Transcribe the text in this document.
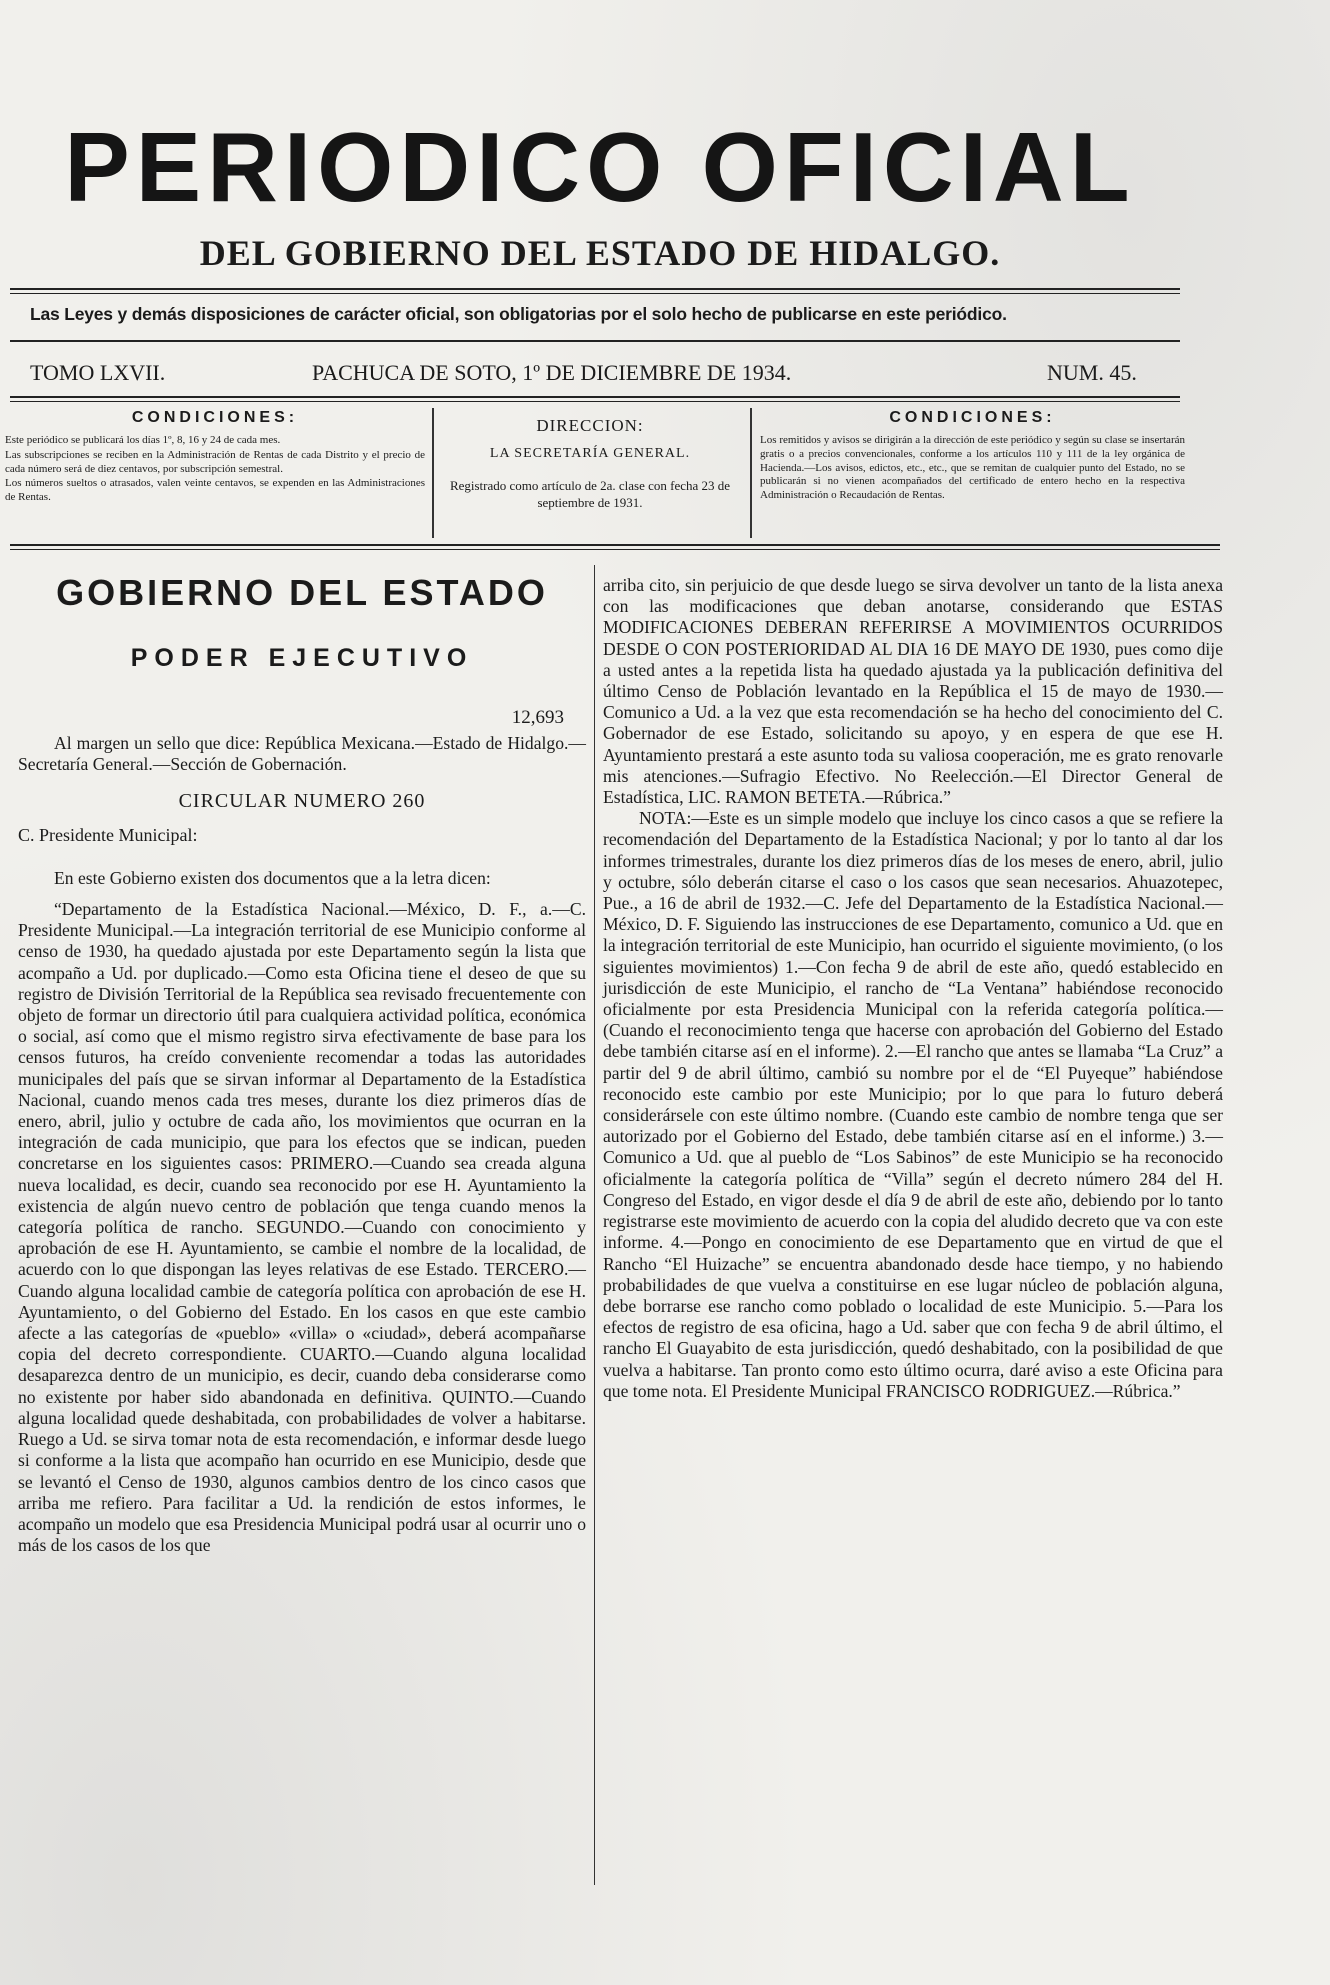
PERIODICO OFICIAL
DEL GOBIERNO DEL ESTADO DE HIDALGO.
Las Leyes y demás disposiciones de carácter oficial, son obligatorias por el solo hecho de publicarse en este periódico.
TOMO LXVII.	PACHUCA DE SOTO, 1º DE DICIEMBRE DE 1934.	NUM. 45.
CONDICIONES:

Este periódico se publicará los días 1º, 8, 16 y 24 de cada mes.

Las subscripciones se reciben en la Administración de Rentas de cada Distrito y el precio de cada número será de diez centavos, por subscripción semestral.

Los números sueltos o atrasados, valen veinte centavos, se expenden en las Administraciones de Rentas.

DIRECCION:
LA SECRETARÍA GENERAL.
Registrado como artículo de 2a. clase con fecha 23 de septiembre de 1931.
CONDICIONES:

Los remitidos y avisos se dirigirán a la dirección de este periódico y según su clase se insertarán gratis o a precios convencionales, conforme a los artículos 110 y 111 de la ley orgánica de Hacienda.—Los avisos, edictos, etc., etc., que se remitan de cualquier punto del Estado, no se publicarán si no vienen acompañados del certificado de entero hecho en la respectiva Administración o Recaudación de Rentas.

GOBIERNO DEL ESTADO
PODER EJECUTIVO
12,693

Al margen un sello que dice: República Mexicana.—Estado de Hidalgo.—Secretaría General.—Sección de Gobernación.

CIRCULAR NUMERO 260
C. Presidente Municipal:

En este Gobierno existen dos documentos que a la letra dicen:

“Departamento de la Estadística Nacional.—México, D. F., a.—C. Presidente Municipal.—La integración territorial de ese Municipio conforme al censo de 1930, ha quedado ajustada por este Departamento según la lista que acompaño a Ud. por duplicado.—Como esta Oficina tiene el deseo de que su registro de División Territorial de la República sea revisado frecuentemente con objeto de formar un directorio útil para cualquiera actividad política, económica o social, así como que el mismo registro sirva efectivamente de base para los censos futuros, ha creído conveniente recomendar a todas las autoridades municipales del país que se sirvan informar al Departamento de la Estadística Nacional, cuando menos cada tres meses, durante los diez primeros días de enero, abril, julio y octubre de cada año, los movimientos que ocurran en la integración de cada municipio, que para los efectos que se indican, pueden concretarse en los siguientes casos: PRIMERO.—Cuando sea creada alguna nueva localidad, es decir, cuando sea reconocido por ese H. Ayuntamiento la existencia de algún nuevo centro de población que tenga cuando menos la categoría política de rancho. SEGUNDO.—Cuando con conocimiento y aprobación de ese H. Ayuntamiento, se cambie el nombre de la localidad, de acuerdo con lo que dispongan las leyes relativas de ese Estado. TERCERO.—Cuando alguna localidad cambie de categoría política con aprobación de ese H. Ayuntamiento, o del Gobierno del Estado. En los casos en que este cambio afecte a las categorías de «pueblo» «villa» o «ciudad», deberá acompañarse copia del decreto correspondiente. CUARTO.—Cuando alguna localidad desaparezca dentro de un municipio, es decir, cuando deba considerarse como no existente por haber sido abandonada en definitiva. QUINTO.—Cuando alguna localidad quede deshabitada, con probabilidades de volver a habitarse. Ruego a Ud. se sirva tomar nota de esta recomendación, e informar desde luego si conforme a la lista que acompaño han ocurrido en ese Municipio, desde que se levantó el Censo de 1930, algunos cambios dentro de los cinco casos que arriba me refiero. Para facilitar a Ud. la rendición de estos informes, le acompaño un modelo que esa Presidencia Municipal podrá usar al ocurrir uno o más de los casos de los que

arriba cito, sin perjuicio de que desde luego se sirva devolver un tanto de la lista anexa con las modificaciones que deban anotarse, considerando que ESTAS MODIFICACIONES DEBERAN REFERIRSE A MOVIMIENTOS OCURRIDOS DESDE O CON POSTERIORIDAD AL DIA 16 DE MAYO DE 1930, pues como dije a usted antes a la repetida lista ha quedado ajustada ya la publicación definitiva del último Censo de Población levantado en la República el 15 de mayo de 1930.—Comunico a Ud. a la vez que esta recomendación se ha hecho del conocimiento del C. Gobernador de ese Estado, solicitando su apoyo, y en espera de que ese H. Ayuntamiento prestará a este asunto toda su valiosa cooperación, me es grato renovarle mis atenciones.—Sufragio Efectivo. No Reelección.—El Director General de Estadística, LIC. RAMON BETETA.—Rúbrica.”

NOTA:—Este es un simple modelo que incluye los cinco casos a que se refiere la recomendación del Departamento de la Estadística Nacional; y por lo tanto al dar los informes trimestrales, durante los diez primeros días de los meses de enero, abril, julio y octubre, sólo deberán citarse el caso o los casos que sean necesarios. Ahuazotepec, Pue., a 16 de abril de 1932.—C. Jefe del Departamento de la Estadística Nacional.—México, D. F. Siguiendo las instrucciones de ese Departamento, comunico a Ud. que en la integración territorial de este Municipio, han ocurrido el siguiente movimiento, (o los siguientes movimientos) 1.—Con fecha 9 de abril de este año, quedó establecido en jurisdicción de este Municipio, el rancho de “La Ventana” habiéndose reconocido oficialmente por esta Presidencia Municipal con la referida categoría política.—(Cuando el reconocimiento tenga que hacerse con aprobación del Gobierno del Estado debe también citarse así en el informe). 2.—El rancho que antes se llamaba “La Cruz” a partir del 9 de abril último, cambió su nombre por el de “El Puyeque” habiéndose reconocido este cambio por este Municipio; por lo que para lo futuro deberá considerársele con este último nombre. (Cuando este cambio de nombre tenga que ser autorizado por el Gobierno del Estado, debe también citarse así en el informe.) 3.—Comunico a Ud. que al pueblo de “Los Sabinos” de este Municipio se ha reconocido oficialmente la categoría política de “Villa” según el decreto número 284 del H. Congreso del Estado, en vigor desde el día 9 de abril de este año, debiendo por lo tanto registrarse este movimiento de acuerdo con la copia del aludido decreto que va con este informe. 4.—Pongo en conocimiento de ese Departamento que en virtud de que el Rancho “El Huizache” se encuentra abandonado desde hace tiempo, y no habiendo probabilidades de que vuelva a constituirse en ese lugar núcleo de población alguna, debe borrarse ese rancho como poblado o localidad de este Municipio. 5.—Para los efectos de registro de esa oficina, hago a Ud. saber que con fecha 9 de abril último, el rancho El Guayabito de esta jurisdicción, quedó deshabitado, con la posibilidad de que vuelva a habitarse. Tan pronto como esto último ocurra, daré aviso a este Oficina para que tome nota. El Presidente Municipal FRANCISCO RODRIGUEZ.—Rúbrica.”
